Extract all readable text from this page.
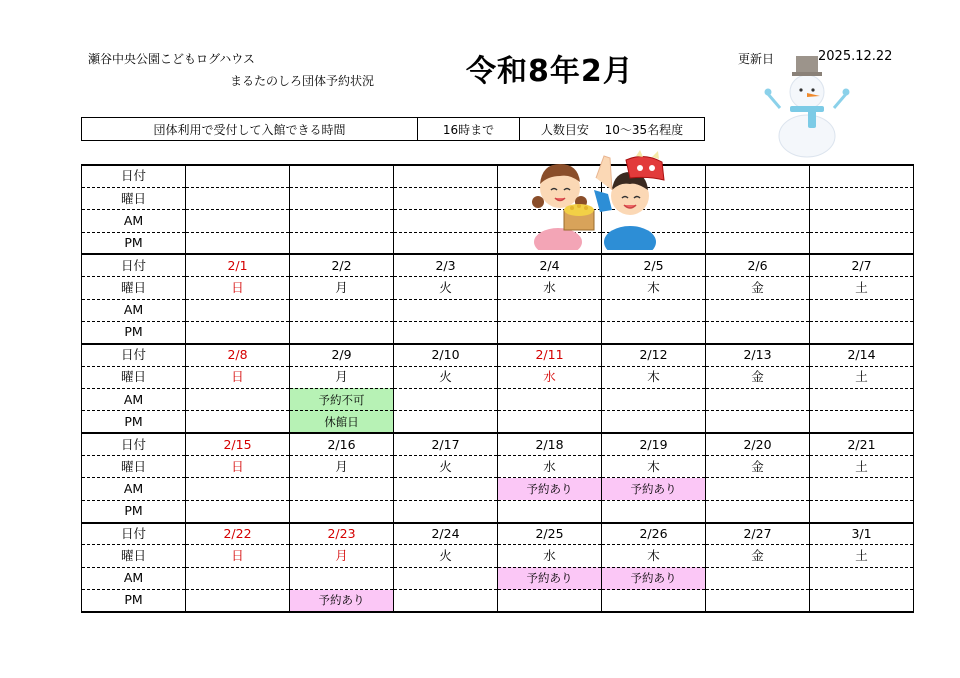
瀬谷中央公園こどもログハウス
まるたのしろ団体予約状況	令和8年2月	更新日	2025.12.22
団体利用で受付して入館できる時間	16時まで	人数目安　 10～35名程度
日付							
曜日							
AM							
PM							
日付	2/1	2/2	2/3	2/4	2/5	2/6	2/7
曜日	日	月	火	水	木	金	土
AM							
PM							
日付	2/8	2/9	2/10	2/11	2/12	2/13	2/14
曜日	日	月	火	水	木	金	土
AM		予約不可					
PM		休館日					
日付	2/15	2/16	2/17	2/18	2/19	2/20	2/21
曜日	日	月	火	水	木	金	土
AM				予約あり	予約あり		
PM							
日付	2/22	2/23	2/24	2/25	2/26	2/27	3/1
曜日	日	月	火	水	木	金	土
AM				予約あり	予約あり		
PM		予約あり					
